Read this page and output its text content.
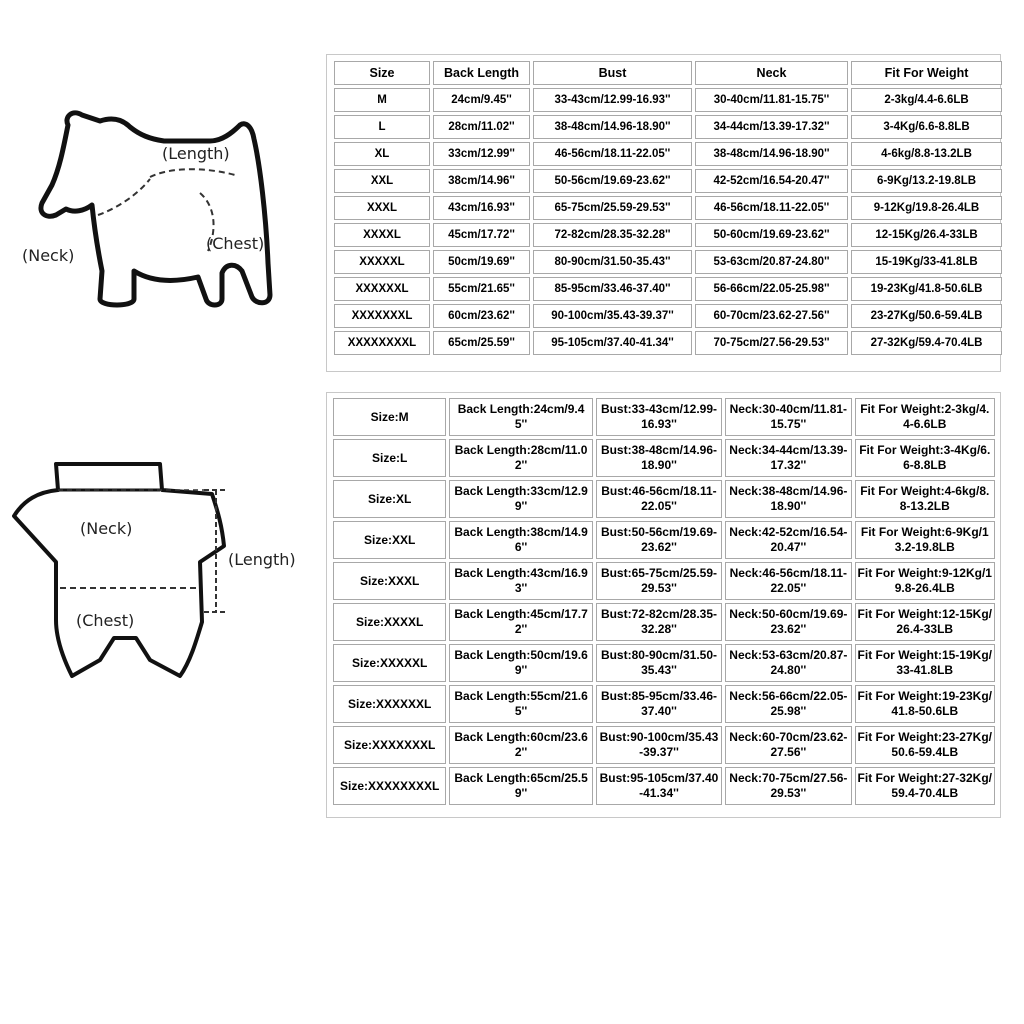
(Length)
(Neck)
(Chest)
(Neck)
(Length)
(Chest)
Size	Back Length	Bust	Neck	Fit For Weight
M	24cm/9.45''	33-43cm/12.99-16.93''	30-40cm/11.81-15.75''	2-3kg/4.4-6.6LB
L	28cm/11.02''	38-48cm/14.96-18.90''	34-44cm/13.39-17.32''	3-4Kg/6.6-8.8LB
XL	33cm/12.99''	46-56cm/18.11-22.05''	38-48cm/14.96-18.90''	4-6kg/8.8-13.2LB
XXL	38cm/14.96''	50-56cm/19.69-23.62''	42-52cm/16.54-20.47''	6-9Kg/13.2-19.8LB
XXXL	43cm/16.93''	65-75cm/25.59-29.53''	46-56cm/18.11-22.05''	9-12Kg/19.8-26.4LB
XXXXL	45cm/17.72''	72-82cm/28.35-32.28''	50-60cm/19.69-23.62''	12-15Kg/26.4-33LB
XXXXXL	50cm/19.69''	80-90cm/31.50-35.43''	53-63cm/20.87-24.80''	15-19Kg/33-41.8LB
XXXXXXL	55cm/21.65''	85-95cm/33.46-37.40''	56-66cm/22.05-25.98''	19-23Kg/41.8-50.6LB
XXXXXXXL	60cm/23.62''	90-100cm/35.43-39.37''	60-70cm/23.62-27.56''	23-27Kg/50.6-59.4LB
XXXXXXXXL	65cm/25.59''	95-105cm/37.40-41.34''	70-75cm/27.56-29.53''	27-32Kg/59.4-70.4LB
Size:M	Back Length:24cm/9.45''	Bust:33-43cm/12.99-16.93''	Neck:30-40cm/11.81-15.75''	Fit For Weight:2-3kg/4.4-6.6LB
Size:L	Back Length:28cm/11.02''	Bust:38-48cm/14.96-18.90''	Neck:34-44cm/13.39-17.32''	Fit For Weight:3-4Kg/6.6-8.8LB
Size:XL	Back Length:33cm/12.99''	Bust:46-56cm/18.11-22.05''	Neck:38-48cm/14.96-18.90''	Fit For Weight:4-6kg/8.8-13.2LB
Size:XXL	Back Length:38cm/14.96''	Bust:50-56cm/19.69-23.62''	Neck:42-52cm/16.54-20.47''	Fit For Weight:6-9Kg/13.2-19.8LB
Size:XXXL	Back Length:43cm/16.93''	Bust:65-75cm/25.59-29.53''	Neck:46-56cm/18.11-22.05''	Fit For Weight:9-12Kg/19.8-26.4LB
Size:XXXXL	Back Length:45cm/17.72''	Bust:72-82cm/28.35-32.28''	Neck:50-60cm/19.69-23.62''	Fit For Weight:12-15Kg/26.4-33LB
Size:XXXXXL	Back Length:50cm/19.69''	Bust:80-90cm/31.50-35.43''	Neck:53-63cm/20.87-24.80''	Fit For Weight:15-19Kg/33-41.8LB
Size:XXXXXXL	Back Length:55cm/21.65''	Bust:85-95cm/33.46-37.40''	Neck:56-66cm/22.05-25.98''	Fit For Weight:19-23Kg/41.8-50.6LB
Size:XXXXXXXL	Back Length:60cm/23.62''	Bust:90-100cm/35.43-39.37''	Neck:60-70cm/23.62-27.56''	Fit For Weight:23-27Kg/50.6-59.4LB
Size:XXXXXXXXL	Back Length:65cm/25.59''	Bust:95-105cm/37.40-41.34''	Neck:70-75cm/27.56-29.53''	Fit For Weight:27-32Kg/59.4-70.4LB
